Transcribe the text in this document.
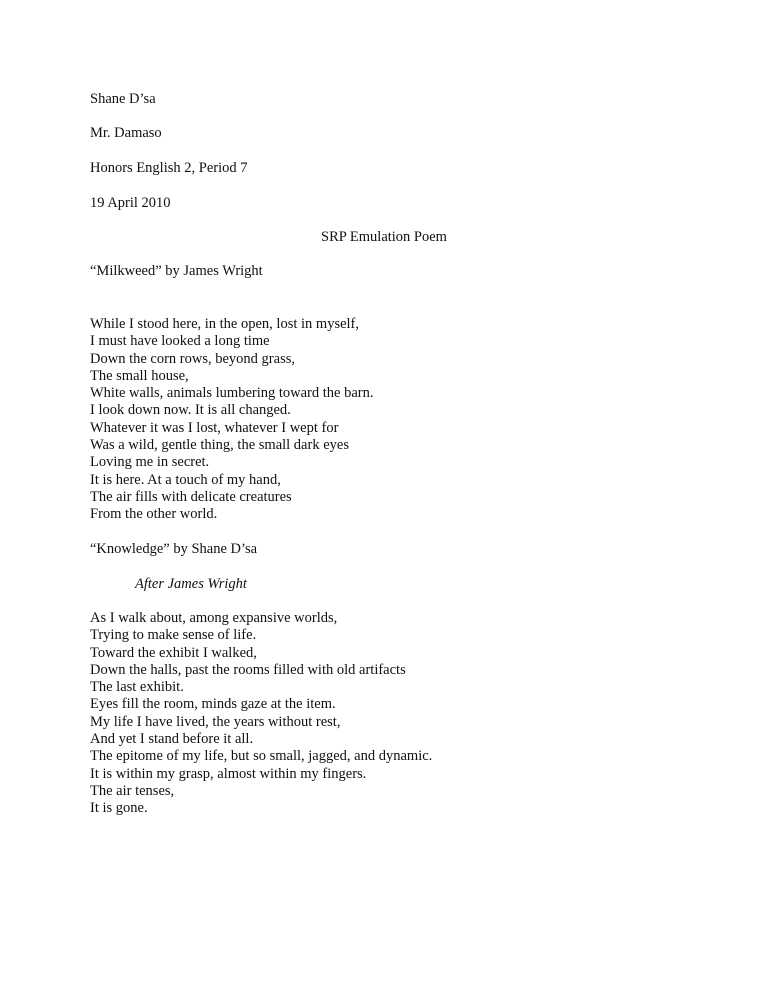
Shane D’sa
Mr. Damaso
Honors English 2, Period 7
19 April 2010
SRP Emulation Poem
“Milkweed” by James Wright
While I stood here, in the open, lost in myself,
I must have looked a long time
Down the corn rows, beyond grass,
The small house,
White walls, animals lumbering toward the barn.
I look down now. It is all changed.
Whatever it was I lost, whatever I wept for
Was a wild, gentle thing, the small dark eyes
Loving me in secret.
It is here. At a touch of my hand,
The air fills with delicate creatures
From the other world.
“Knowledge” by Shane D’sa
After James Wright
As I walk about, among expansive worlds,
Trying to make sense of life.
Toward the exhibit I walked,
Down the halls, past the rooms filled with old artifacts
The last exhibit.
Eyes fill the room, minds gaze at the item.
My life I have lived, the years without rest,
And yet I stand before it all.
The epitome of my life, but so small, jagged, and dynamic.
It is within my grasp, almost within my fingers.
The air tenses,
It is gone.
